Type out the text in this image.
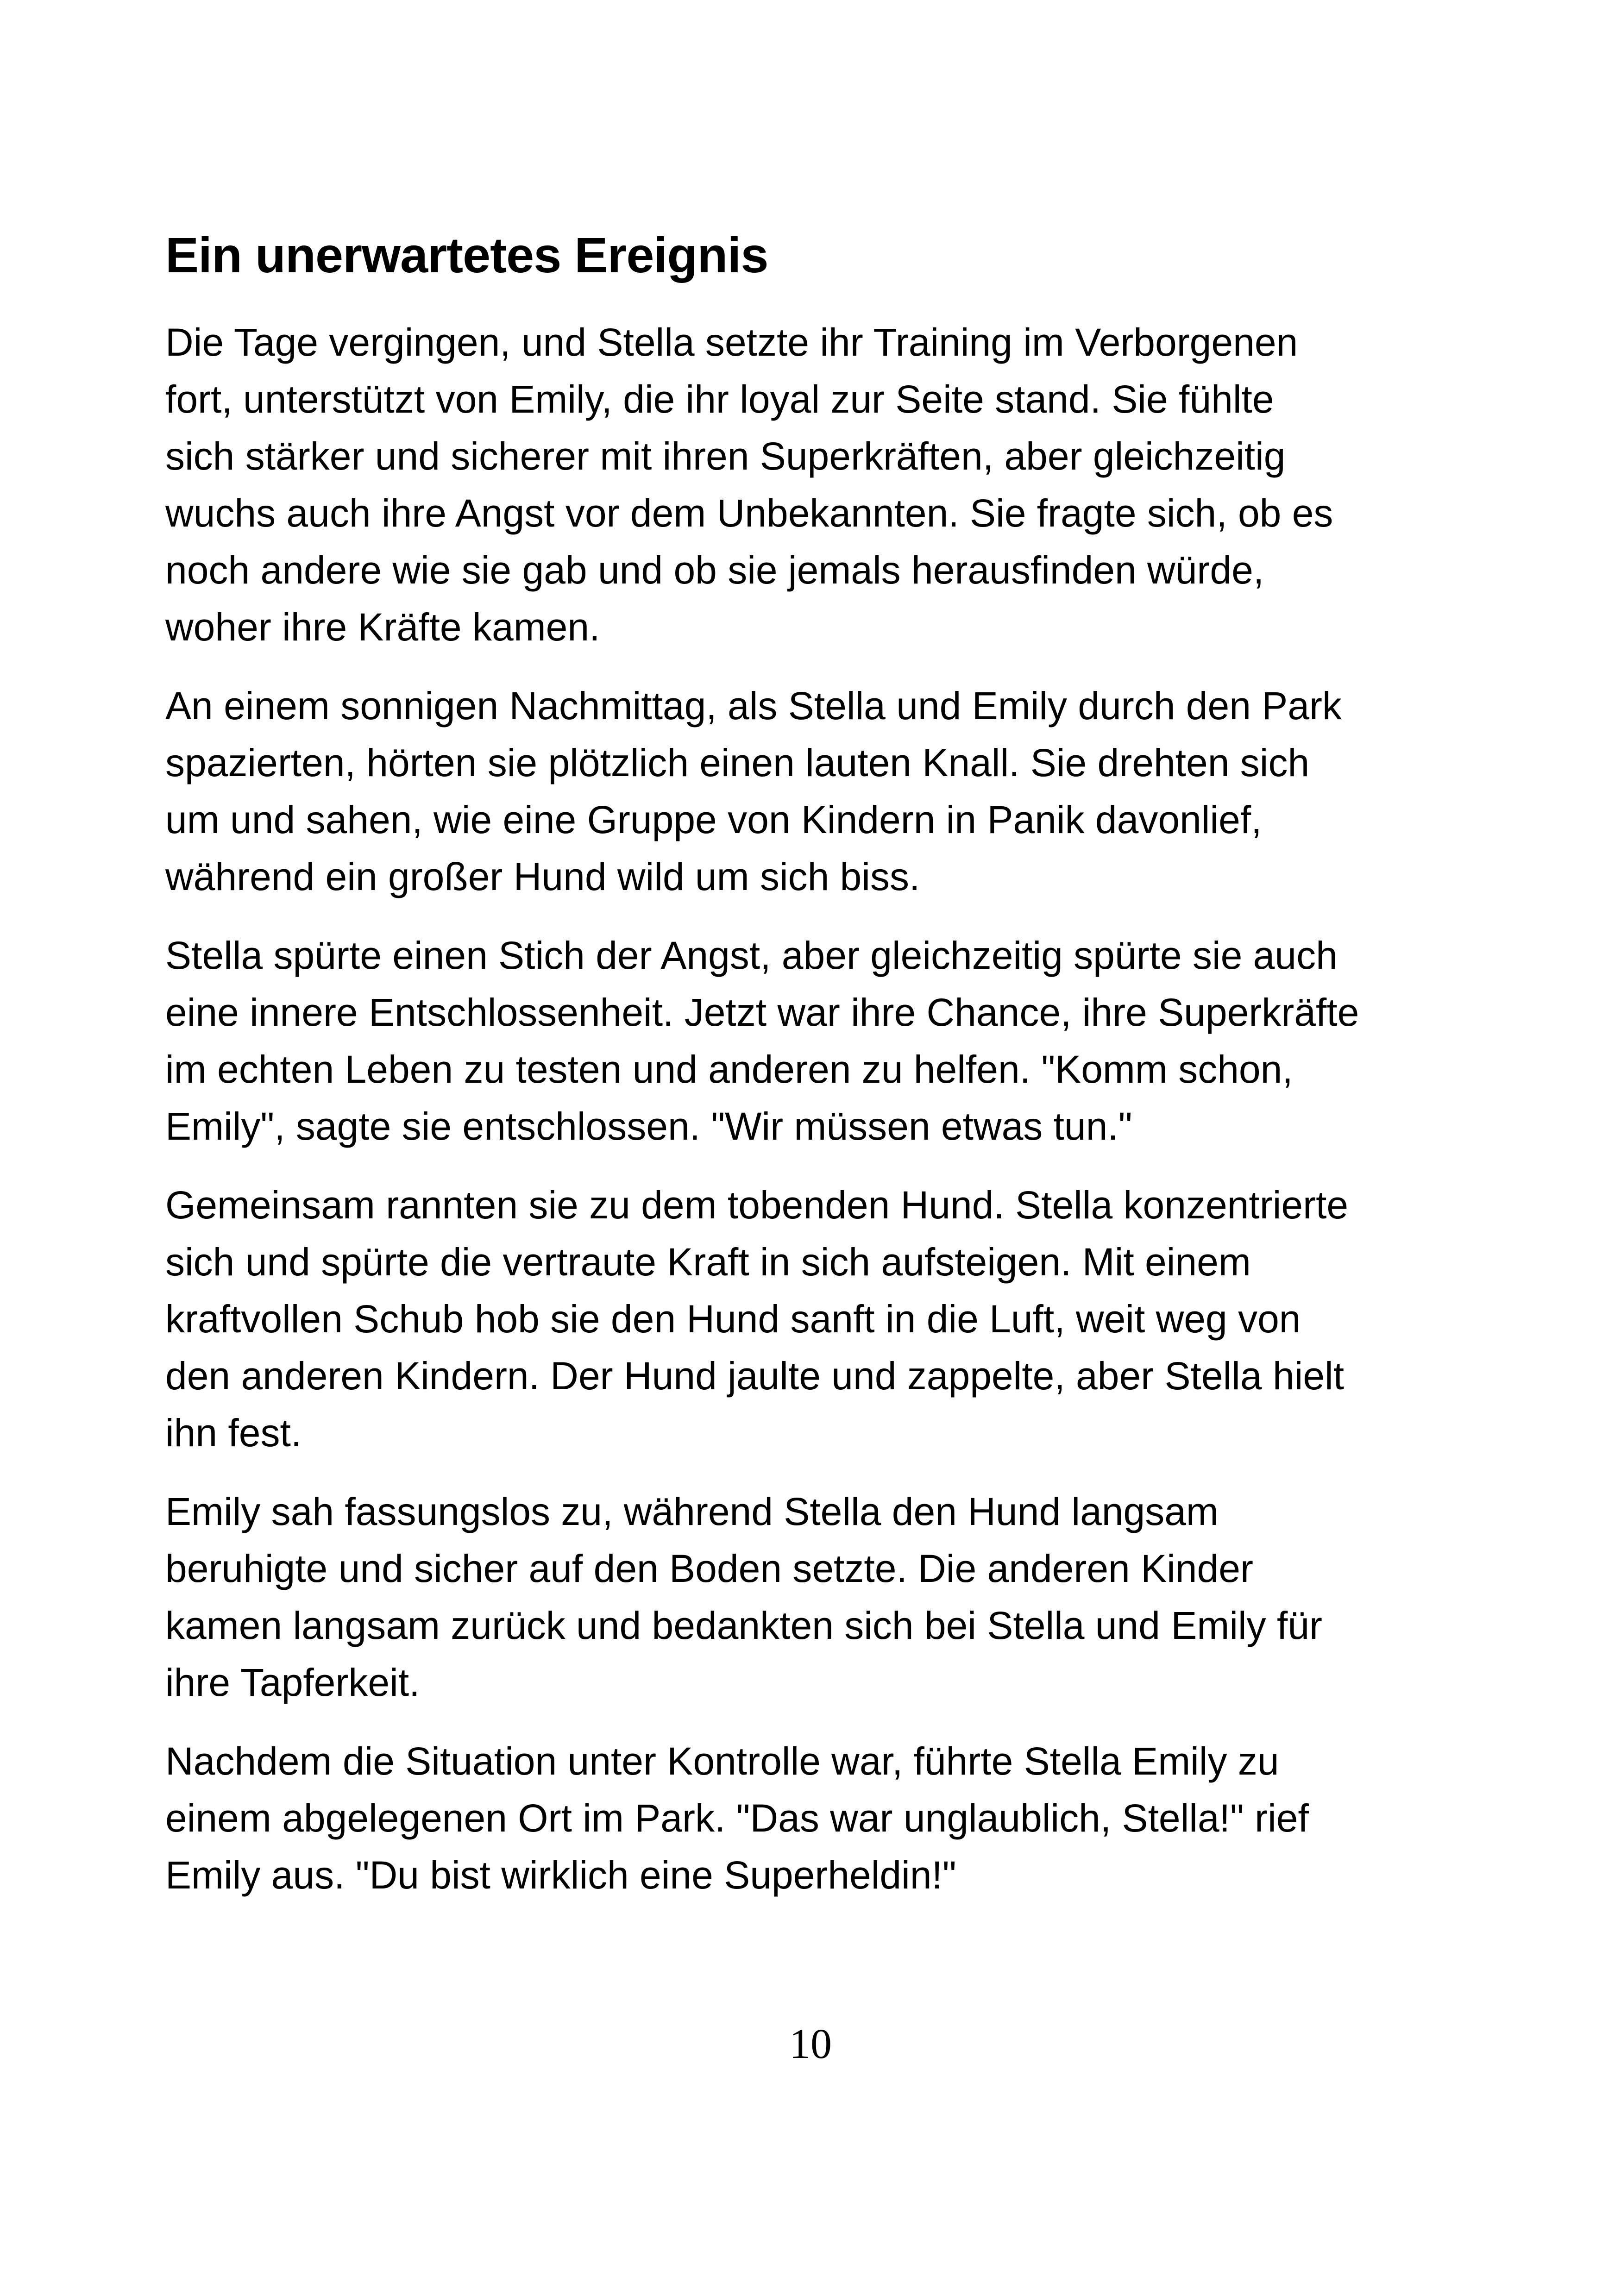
Ein unerwartetes Ereignis

Die Tage vergingen, und Stella setzte ihr Training im Verborgenen
fort, unterstützt von Emily, die ihr loyal zur Seite stand. Sie fühlte
sich stärker und sicherer mit ihren Superkräften, aber gleichzeitig
wuchs auch ihre Angst vor dem Unbekannten. Sie fragte sich, ob es
noch andere wie sie gab und ob sie jemals herausfinden würde,
woher ihre Kräfte kamen.

An einem sonnigen Nachmittag, als Stella und Emily durch den Park
spazierten, hörten sie plötzlich einen lauten Knall. Sie drehten sich
um und sahen, wie eine Gruppe von Kindern in Panik davonlief,
während ein großer Hund wild um sich biss.

Stella spürte einen Stich der Angst, aber gleichzeitig spürte sie auch
eine innere Entschlossenheit. Jetzt war ihre Chance, ihre Superkräfte
im echten Leben zu testen und anderen zu helfen. "Komm schon,
Emily", sagte sie entschlossen. "Wir müssen etwas tun."

Gemeinsam rannten sie zu dem tobenden Hund. Stella konzentrierte
sich und spürte die vertraute Kraft in sich aufsteigen. Mit einem
kraftvollen Schub hob sie den Hund sanft in die Luft, weit weg von
den anderen Kindern. Der Hund jaulte und zappelte, aber Stella hielt
ihn fest.

Emily sah fassungslos zu, während Stella den Hund langsam
beruhigte und sicher auf den Boden setzte. Die anderen Kinder
kamen langsam zurück und bedankten sich bei Stella und Emily für
ihre Tapferkeit.

Nachdem die Situation unter Kontrolle war, führte Stella Emily zu
einem abgelegenen Ort im Park. "Das war unglaublich, Stella!" rief
Emily aus. "Du bist wirklich eine Superheldin!"

10
